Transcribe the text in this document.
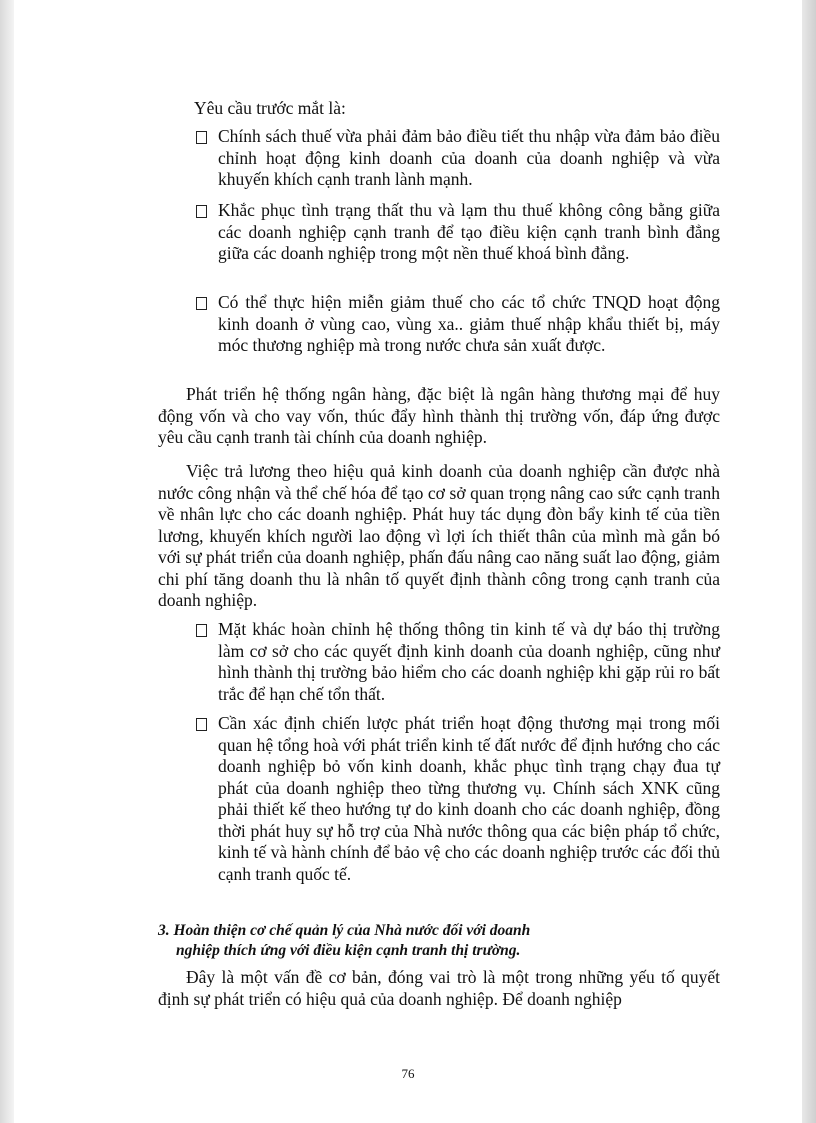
Yêu cầu trước mắt là:

Chính sách thuế vừa phải đảm bảo điều tiết thu nhập vừa đảm bảo điều chỉnh hoạt động kinh doanh của doanh của doanh nghiệp và vừa khuyến khích cạnh tranh lành mạnh.
Khắc phục tình trạng thất thu và lạm thu thuế không công bằng giữa các doanh nghiệp cạnh tranh để tạo điều kiện cạnh tranh bình đẳng giữa các doanh nghiệp trong một nền thuế khoá bình đẳng.
Có thể thực hiện miễn giảm thuế cho các tổ chức TNQD hoạt động kinh doanh ở vùng cao, vùng xa.. giảm thuế nhập khẩu thiết bị, máy móc thương nghiệp mà trong nước chưa sản xuất được.

Phát triển hệ thống ngân hàng, đặc biệt là ngân hàng thương mại để huy động vốn và cho vay vốn, thúc đẩy hình thành thị trường vốn, đáp ứng được yêu cầu cạnh tranh tài chính của doanh nghiệp.

Việc trả lương theo hiệu quả kinh doanh của doanh nghiệp cần được nhà nước công nhận và thể chế hóa để tạo cơ sở quan trọng nâng cao sức cạnh tranh về nhân lực cho các doanh nghiệp. Phát huy tác dụng đòn bẩy kinh tế của tiền lương, khuyến khích người lao động vì lợi ích thiết thân của mình mà gắn bó với sự phát triển của doanh nghiệp, phấn đấu nâng cao năng suất lao động, giảm chi phí tăng doanh thu là nhân tố quyết định thành công trong cạnh tranh của doanh nghiệp.

Mặt khác hoàn chỉnh hệ thống thông tin kinh tế và dự báo thị trường làm cơ sở cho các quyết định kinh doanh của doanh nghiệp, cũng như hình thành thị trường bảo hiểm cho các doanh nghiệp khi gặp rủi ro bất trắc để hạn chế tổn thất.
Cần xác định chiến lược phát triển hoạt động thương mại trong mối quan hệ tổng hoà với phát triển kinh tế đất nước để định hướng cho các doanh nghiệp bỏ vốn kinh doanh, khắc phục tình trạng chạy đua tự phát của doanh nghiệp theo từng thương vụ. Chính sách XNK cũng phải thiết kế theo hướng tự do kinh doanh cho các doanh nghiệp, đồng thời phát huy sự hỗ trợ của Nhà nước thông qua các biện pháp tổ chức, kinh tế và hành chính để bảo vệ cho các doanh nghiệp trước các đối thủ cạnh tranh quốc tế.

3. Hoàn thiện cơ chế quản lý của Nhà nước đối với doanh
nghiệp thích ứng với điều kiện cạnh tranh thị trường.

Đây là một vấn đề cơ bản, đóng vai trò là một trong những yếu tố quyết định sự phát triển có hiệu quả của doanh nghiệp. Để doanh nghiệp

76
